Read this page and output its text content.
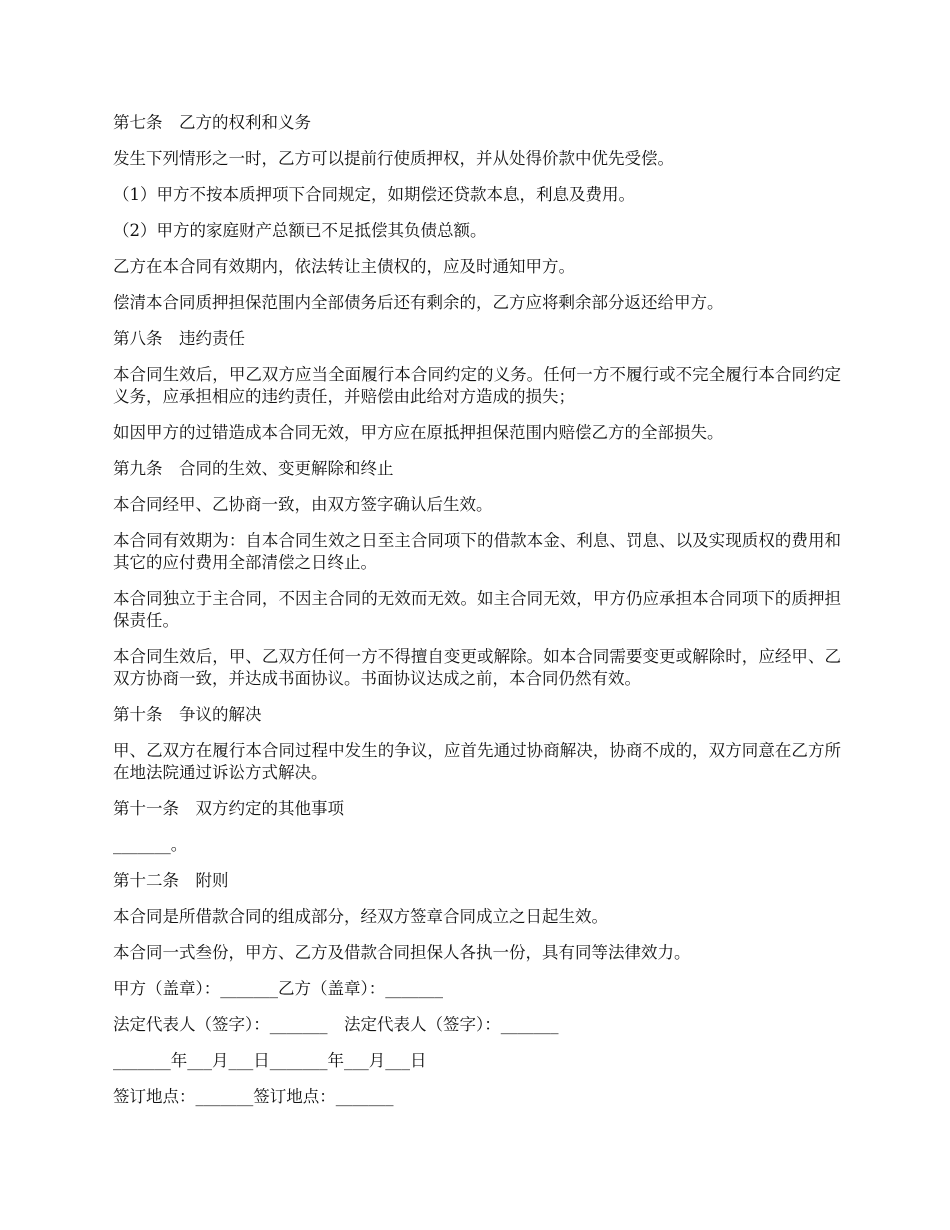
第七条　乙方的权利和义务

发生下列情形之一时，乙方可以提前行使质押权，并从处得价款中优先受偿。

（1）甲方不按本质押项下合同规定，如期偿还贷款本息，利息及费用。

（2）甲方的家庭财产总额已不足抵偿其负债总额。

乙方在本合同有效期内，依法转让主债权的，应及时通知甲方。

偿清本合同质押担保范围内全部债务后还有剩余的，乙方应将剩余部分返还给甲方。

第八条　违约责任

本合同生效后，甲乙双方应当全面履行本合同约定的义务。任何一方不履行或不完全履行本合同约定义务，应承担相应的违约责任，并赔偿由此给对方造成的损失；

如因甲方的过错造成本合同无效，甲方应在原抵押担保范围内赔偿乙方的全部损失。

第九条　合同的生效、变更解除和终止

本合同经甲、乙协商一致，由双方签字确认后生效。

本合同有效期为：自本合同生效之日至主合同项下的借款本金、利息、罚息、以及实现质权的费用和其它的应付费用全部清偿之日终止。

本合同独立于主合同，不因主合同的无效而无效。如主合同无效，甲方仍应承担本合同项下的质押担保责任。

本合同生效后，甲、乙双方任何一方不得擅自变更或解除。如本合同需要变更或解除时，应经甲、乙双方协商一致，并达成书面协议。书面协议达成之前，本合同仍然有效。

第十条　争议的解决

甲、乙双方在履行本合同过程中发生的争议，应首先通过协商解决，协商不成的，双方同意在乙方所在地法院通过诉讼方式解决。

第十一条　双方约定的其他事项

_______。

第十二条　附则

本合同是所借款合同的组成部分，经双方签章合同成立之日起生效。

本合同一式叁份，甲方、乙方及借款合同担保人各执一份，具有同等法律效力。

甲方（盖章）：_______乙方（盖章）：_______

法定代表人（签字）：_______　法定代表人（签字）：_______

_______年___月___日_______年___月___日

签订地点：_______签订地点：_______
